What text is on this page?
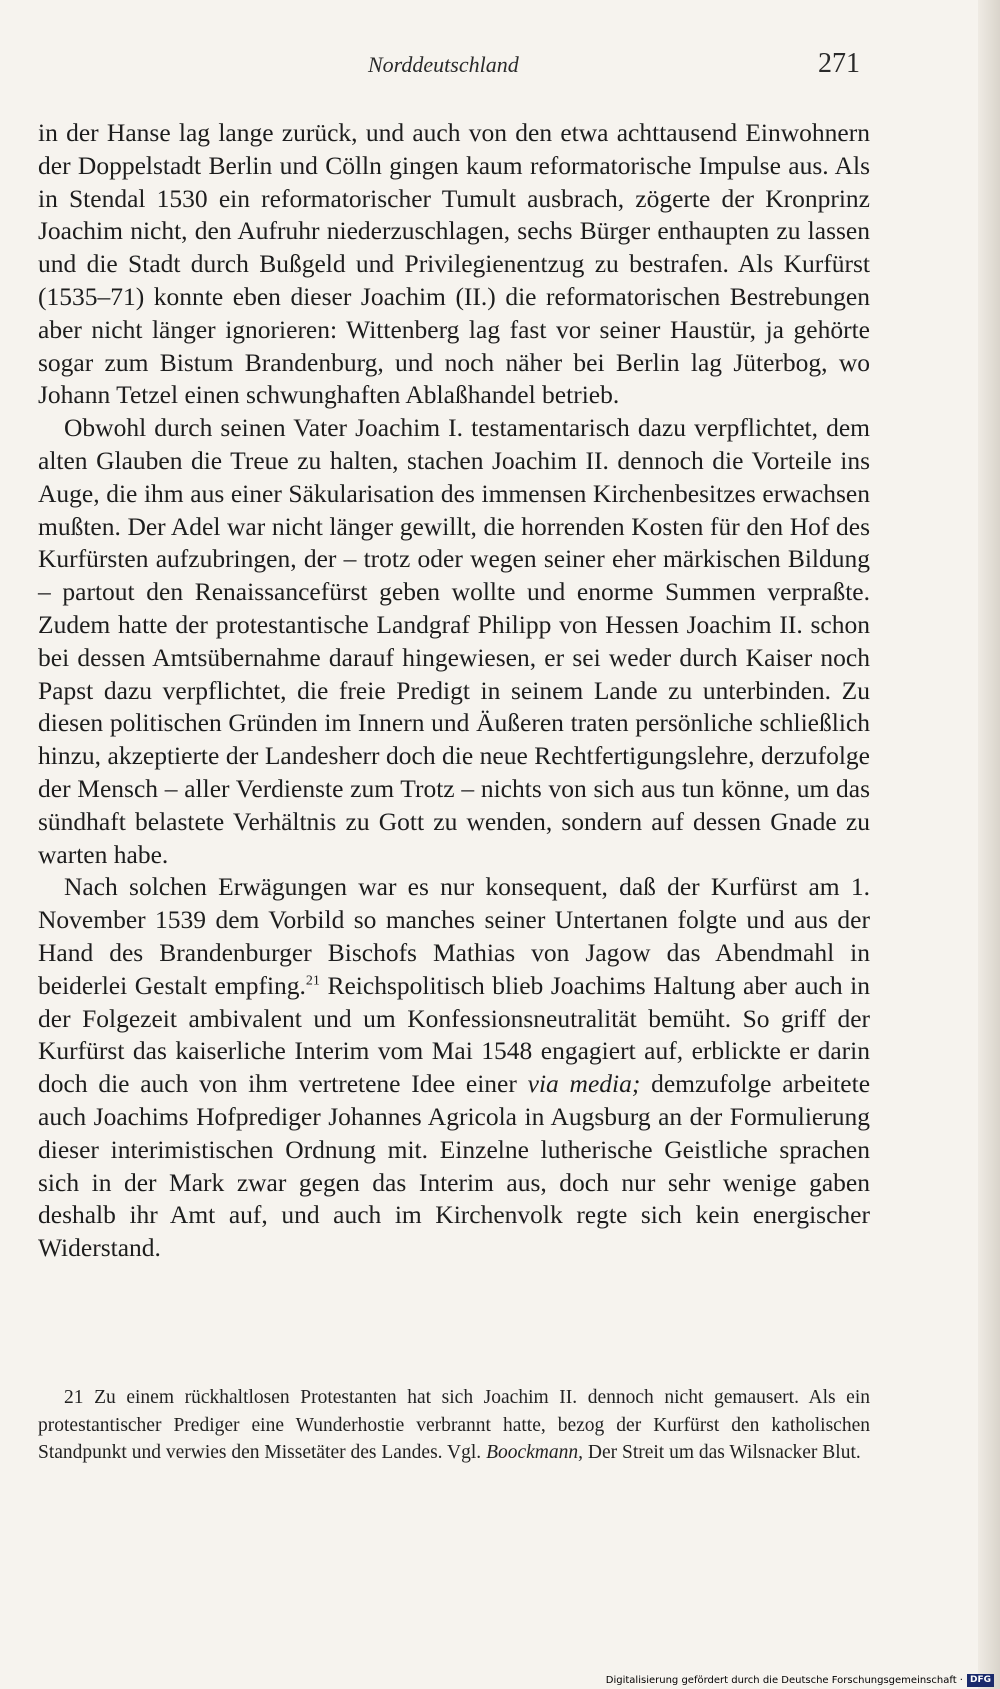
Norddeutschland	271

in der Hanse lag lange zurück, und auch von den etwa achttausend Einwohnern der Doppelstadt Berlin und Cölln gingen kaum reformatorische Impulse aus. Als in Stendal 1530 ein reformatorischer Tumult ausbrach, zögerte der Kronprinz Joachim nicht, den Aufruhr niederzuschlagen, sechs Bürger enthaupten zu lassen und die Stadt durch Bußgeld und Privilegienentzug zu bestrafen. Als Kurfürst (1535–71) konnte eben dieser Joachim (II.) die reformatorischen Bestrebungen aber nicht länger ignorieren: Wittenberg lag fast vor seiner Haustür, ja gehörte sogar zum Bistum Brandenburg, und noch näher bei Berlin lag Jüterbog, wo Johann Tetzel einen schwunghaften Ablaßhandel betrieb.

Obwohl durch seinen Vater Joachim I. testamentarisch dazu verpflichtet, dem alten Glauben die Treue zu halten, stachen Joachim II. dennoch die Vorteile ins Auge, die ihm aus einer Säkularisation des immensen Kirchenbesitzes erwachsen mußten. Der Adel war nicht länger gewillt, die horrenden Kosten für den Hof des Kurfürsten aufzubringen, der – trotz oder wegen seiner eher märkischen Bildung – partout den Renaissancefürst geben wollte und enorme Summen verpraßte. Zudem hatte der protestantische Landgraf Philipp von Hessen Joachim II. schon bei dessen Amtsübernahme darauf hingewiesen, er sei weder durch Kaiser noch Papst dazu verpflichtet, die freie Predigt in seinem Lande zu unterbinden. Zu diesen politischen Gründen im Innern und Äußeren traten persönliche schließlich hinzu, akzeptierte der Landesherr doch die neue Rechtfertigungslehre, derzufolge der Mensch – aller Verdienste zum Trotz – nichts von sich aus tun könne, um das sündhaft belastete Verhältnis zu Gott zu wenden, sondern auf dessen Gnade zu warten habe.

Nach solchen Erwägungen war es nur konsequent, daß der Kurfürst am 1. November 1539 dem Vorbild so manches seiner Untertanen folgte und aus der Hand des Brandenburger Bischofs Mathias von Jagow das Abendmahl in beiderlei Gestalt empfing.$^{21}$ Reichspolitisch blieb Joachims Haltung aber auch in der Folgezeit ambivalent und um Konfessionsneutralität bemüht. So griff der Kurfürst das kaiserliche Interim vom Mai 1548 engagiert auf, erblickte er darin doch die auch von ihm vertretene Idee einer via media; demzufolge arbeitete auch Joachims Hofprediger Johannes Agricola in Augsburg an der Formulierung dieser interimistischen Ordnung mit. Einzelne lutherische Geistliche sprachen sich in der Mark zwar gegen das Interim aus, doch nur sehr wenige gaben deshalb ihr Amt auf, und auch im Kirchenvolk regte sich kein energischer Widerstand.

21 Zu einem rückhaltlosen Protestanten hat sich Joachim II. dennoch nicht gemausert. Als ein protestantischer Prediger eine Wunderhostie verbrannt hatte, bezog der Kurfürst den katholischen Standpunkt und verwies den Missetäter des Landes. Vgl. Boockmann, Der Streit um das Wilsnacker Blut.

Digitalisierung gefördert durch die Deutsche Forschungsgemeinschaft · DFG
